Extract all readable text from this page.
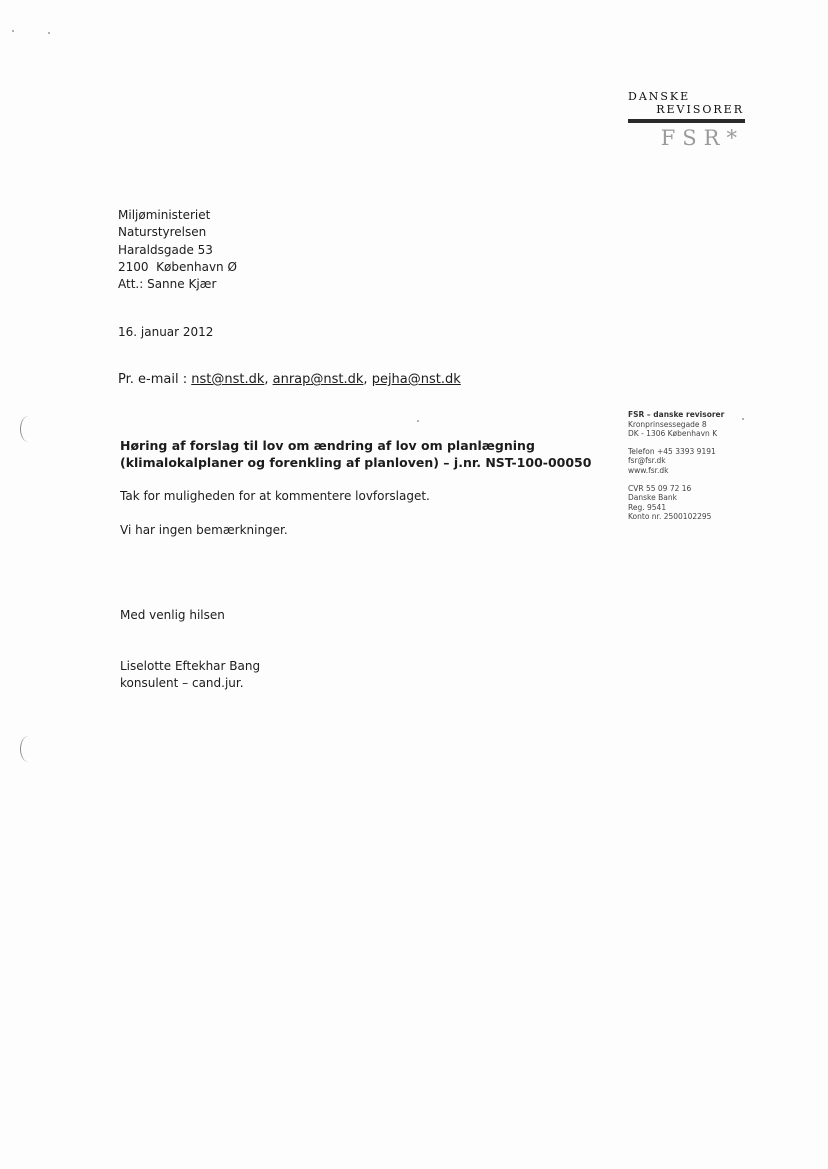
DANSKE
REVISORER
FSR*
Miljøministeriet
Naturstyrelsen
Haraldsgade 53
2100  København Ø
Att.: Sanne Kjær
16. januar 2012
Pr. e-mail : nst@nst.dk, anrap@nst.dk, pejha@nst.dk
Høring af forslag til lov om ændring af lov om planlægning
(klimalokalplaner og forenkling af planloven) – j.nr. NST-100-00050
Tak for muligheden for at kommentere lovforslaget.
Vi har ingen bemærkninger.
Med venlig hilsen
Liselotte Eftekhar Bang
konsulent – cand.jur.
FSR – danske revisorer
Kronprinsessegade 8
DK - 1306 København K
Telefon +45 3393 9191
fsr@fsr.dk
www.fsr.dk
CVR 55 09 72 16
Danske Bank
Reg. 9541
Konto nr. 2500102295
